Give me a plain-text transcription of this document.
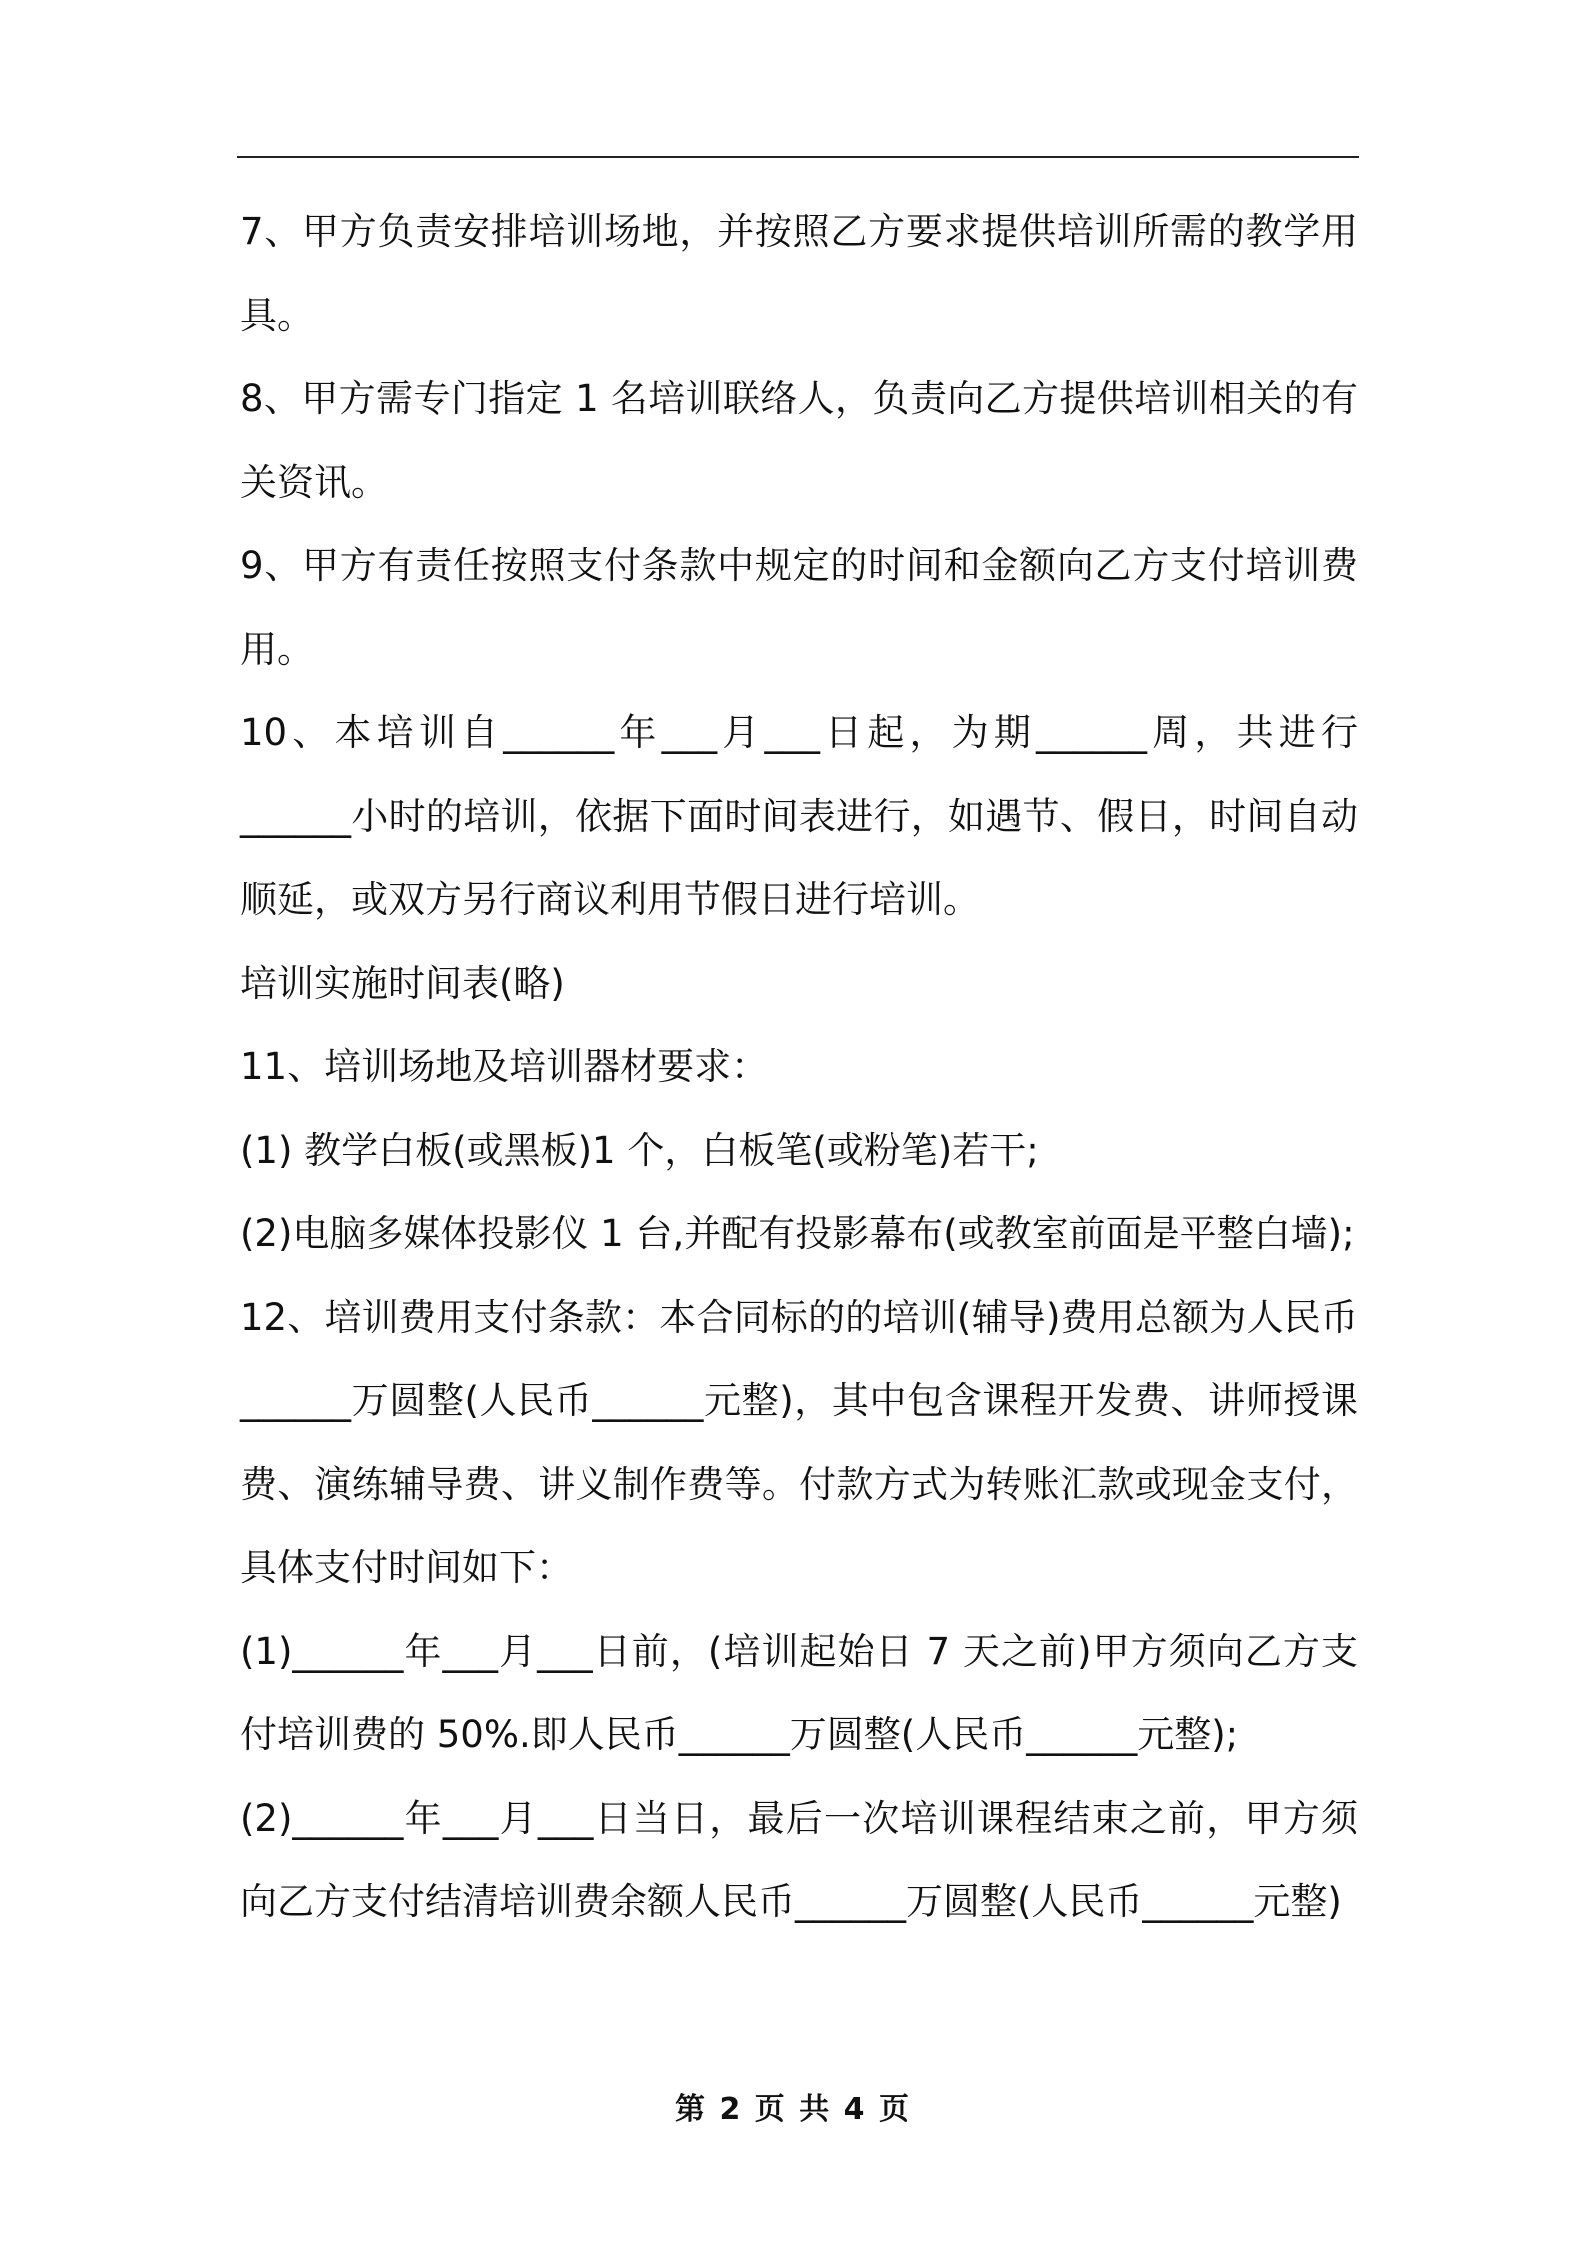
7、甲方负责安排培训场地，并按照乙方要求提供培训所需的教学用具。

8、甲方需专门指定 1 名培训联络人，负责向乙方提供培训相关的有关资讯。

9、甲方有责任按照支付条款中规定的时间和金额向乙方支付培训费用。

10、本培训自______年___月___日起，为期______周，共进行______小时的培训，依据下面时间表进行，如遇节、假日，时间自动顺延，或双方另行商议利用节假日进行培训。

培训实施时间表(略)

11、培训场地及培训器材要求：

(1) 教学白板(或黑板)1 个，白板笔(或粉笔)若干;

(2)电脑多媒体投影仪 1 台,并配有投影幕布(或教室前面是平整白墙);

12、培训费用支付条款：本合同标的的培训(辅导)费用总额为人民币______万圆整(人民币______元整)，其中包含课程开发费、讲师授课费、演练辅导费、讲义制作费等。付款方式为转账汇款或现金支付，具体支付时间如下：

(1)______年___月___日前，(培训起始日 7 天之前)甲方须向乙方支付培训费的 50%.即人民币______万圆整(人民币______元整);

(2)______年___月___日当日，最后一次培训课程结束之前，甲方须向乙方支付结清培训费余额人民币______万圆整(人民币______元整)

第 2 页 共 4 页
